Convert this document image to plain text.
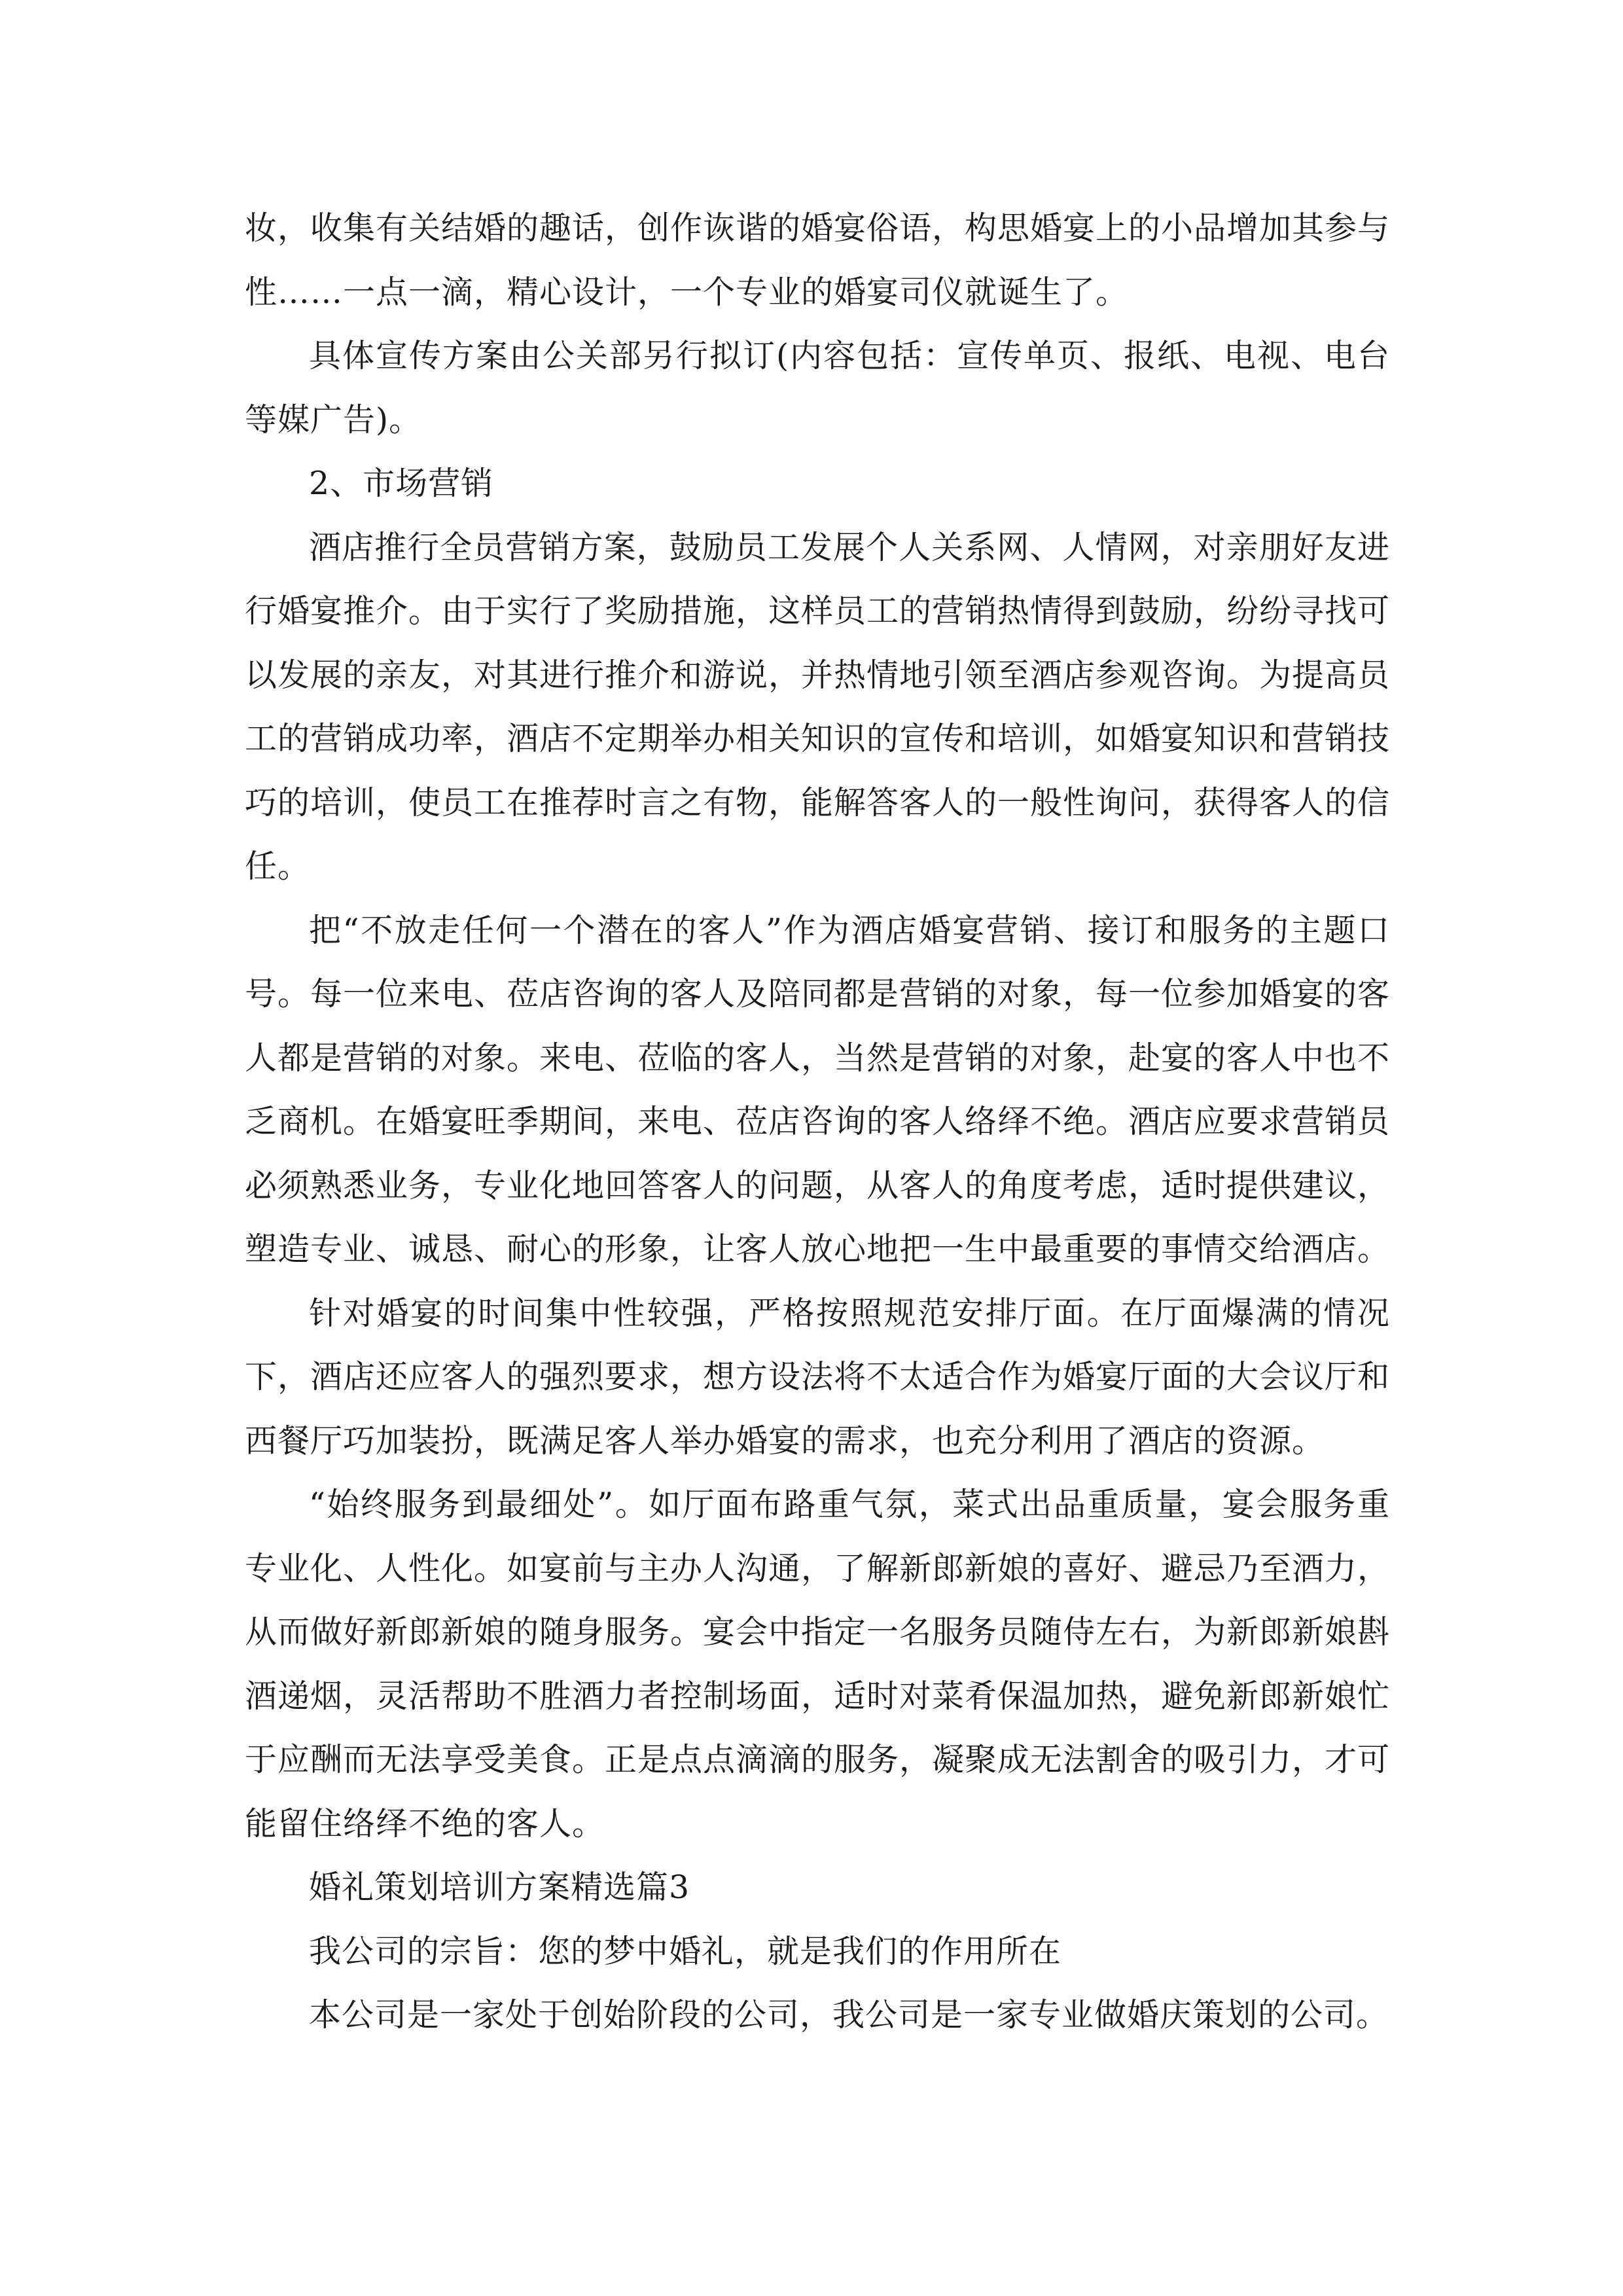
妆，收集有关结婚的趣话，创作诙谐的婚宴俗语，构思婚宴上的小品增加其参与性……一点一滴，精心设计，一个专业的婚宴司仪就诞生了。

具体宣传方案由公关部另行拟订(内容包括：宣传单页、报纸、电视、电台等媒广告)。

2、市场营销

酒店推行全员营销方案，鼓励员工发展个人关系网、人情网，对亲朋好友进行婚宴推介。由于实行了奖励措施，这样员工的营销热情得到鼓励，纷纷寻找可以发展的亲友，对其进行推介和游说，并热情地引领至酒店参观咨询。为提高员工的营销成功率，酒店不定期举办相关知识的宣传和培训，如婚宴知识和营销技巧的培训，使员工在推荐时言之有物，能解答客人的一般性询问，获得客人的信任。

把“不放走任何一个潜在的客人”作为酒店婚宴营销、接订和服务的主题口号。每一位来电、莅店咨询的客人及陪同都是营销的对象，每一位参加婚宴的客人都是营销的对象。来电、莅临的客人，当然是营销的对象，赴宴的客人中也不乏商机。在婚宴旺季期间，来电、莅店咨询的客人络绎不绝。酒店应要求营销员必须熟悉业务，专业化地回答客人的问题，从客人的角度考虑，适时提供建议，塑造专业、诚恳、耐心的形象，让客人放心地把一生中最重要的事情交给酒店。

针对婚宴的时间集中性较强，严格按照规范安排厅面。在厅面爆满的情况下，酒店还应客人的强烈要求，想方设法将不太适合作为婚宴厅面的大会议厅和西餐厅巧加装扮，既满足客人举办婚宴的需求，也充分利用了酒店的资源。

“始终服务到最细处”。如厅面布路重气氛，菜式出品重质量，宴会服务重专业化、人性化。如宴前与主办人沟通，了解新郎新娘的喜好、避忌乃至酒力，从而做好新郎新娘的随身服务。宴会中指定一名服务员随侍左右，为新郎新娘斟酒递烟，灵活帮助不胜酒力者控制场面，适时对菜肴保温加热，避免新郎新娘忙于应酬而无法享受美食。正是点点滴滴的服务，凝聚成无法割舍的吸引力，才可能留住络绎不绝的客人。

婚礼策划培训方案精选篇3

我公司的宗旨：您的梦中婚礼，就是我们的作用所在

本公司是一家处于创始阶段的公司，我公司是一家专业做婚庆策划的公司。
